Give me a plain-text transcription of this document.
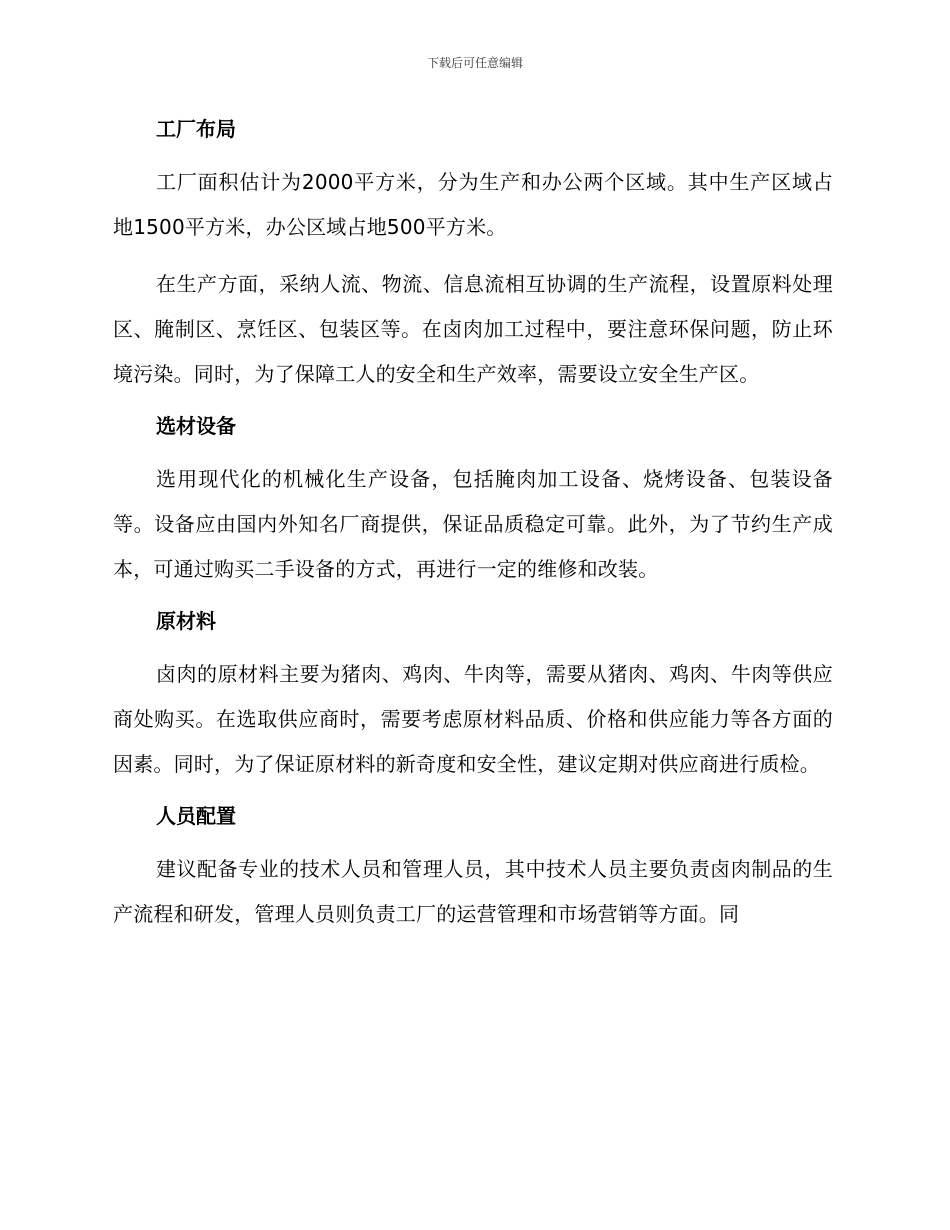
下载后可任意编辑
工厂布局

工厂面积估计为2000平方米，分为生产和办公两个区域。其中生产区域占地1500平方米，办公区域占地500平方米。

在生产方面，采纳人流、物流、信息流相互协调的生产流程，设置原料处理区、腌制区、烹饪区、包装区等。在卤肉加工过程中，要注意环保问题，防止环境污染。同时，为了保障工人的安全和生产效率，需要设立安全生产区。

选材设备

选用现代化的机械化生产设备，包括腌肉加工设备、烧烤设备、包装设备等。设备应由国内外知名厂商提供，保证品质稳定可靠。此外，为了节约生产成本，可通过购买二手设备的方式，再进行一定的维修和改装。

原材料

卤肉的原材料主要为猪肉、鸡肉、牛肉等，需要从猪肉、鸡肉、牛肉等供应商处购买。在选取供应商时，需要考虑原材料品质、价格和供应能力等各方面的因素。同时，为了保证原材料的新奇度和安全性，建议定期对供应商进行质检。

人员配置

建议配备专业的技术人员和管理人员，其中技术人员主要负责卤肉制品的生产流程和研发，管理人员则负责工厂的运营管理和市场营销等方面。同
